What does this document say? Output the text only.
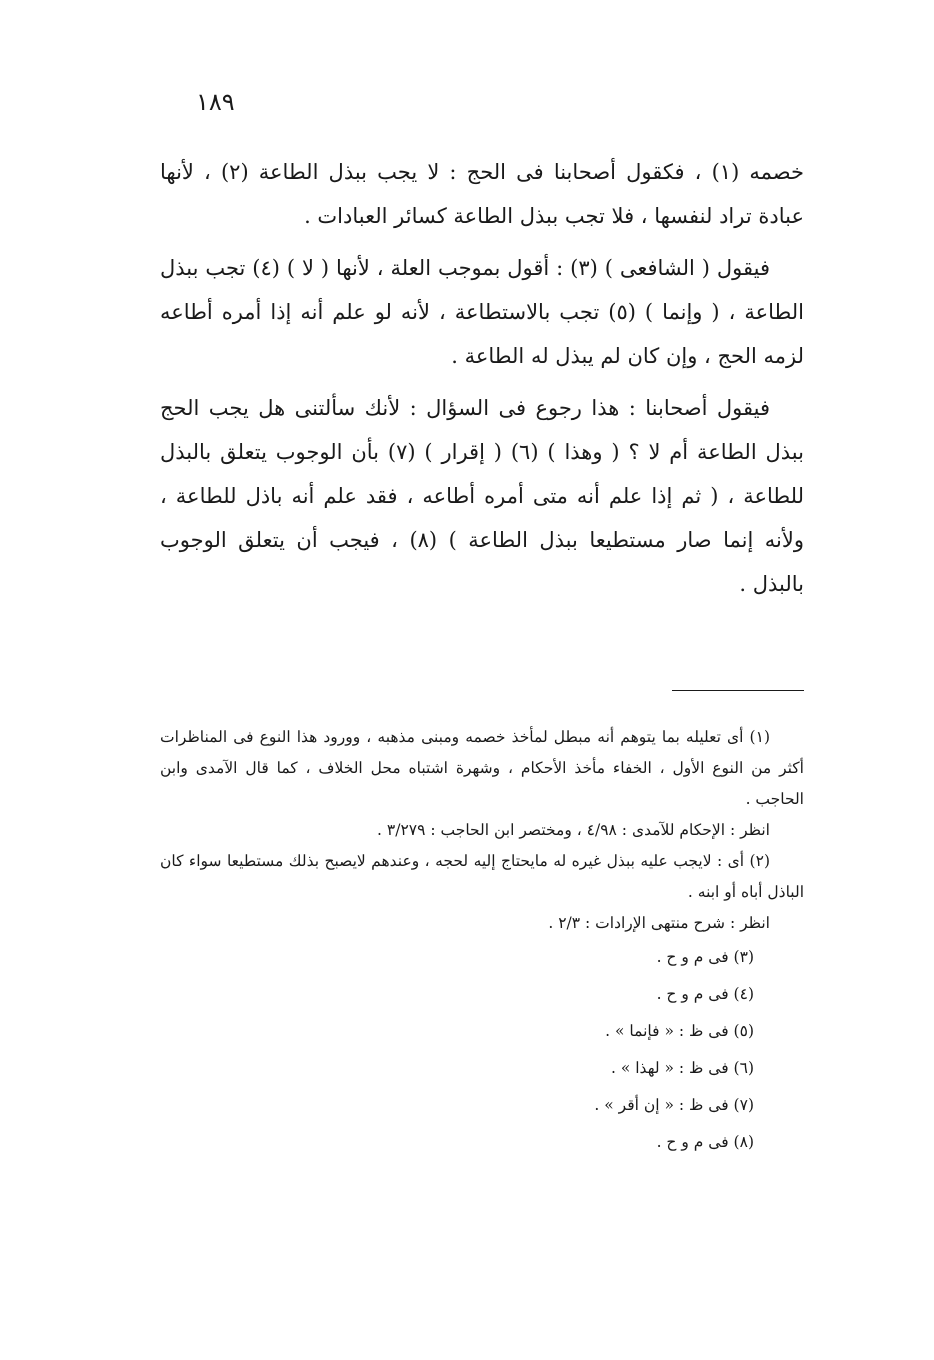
١٨٩

خصمه (١) ، فكقول أصحابنا فى الحج : لا يجب ببذل الطاعة (٢) ، لأنها عبادة تراد لنفسها ، فلا تجب ببذل الطاعة كسائر العبادات .

فيقول ( الشافعى ) (٣) : أقول بموجب العلة ، لأنها ( لا ) (٤) تجب ببذل الطاعة ، ( وإنما ) (٥) تجب بالاستطاعة ، لأنه لو علم أنه إذا أمره أطاعه لزمه الحج ، وإن كان لم يبذل له الطاعة .

فيقول أصحابنا : هذا رجوع فى السؤال : لأنك سألتنى هل يجب الحج ببذل الطاعة أم لا ؟ ( وهذا ) (٦) ( إقرار ) (٧) بأن الوجوب يتعلق بالبذل للطاعة ، ( ثم إذا علم أنه متى أمره أطاعه ، فقد علم أنه باذل للطاعة ، ولأنه إنما صار مستطيعا ببذل الطاعة ) (٨) ، فيجب أن يتعلق الوجوب بالبذل .

(١) أى تعليله بما يتوهم أنه مبطل لمأخذ خصمه ومبنى مذهبه ، وورود هذا النوع فى المناظرات أكثر من النوع الأول ، الخفاء مأخذ الأحكام ، وشهرة اشتباه محل الخلاف ، كما قال الآمدى وابن الحاجب .

انظر : الإحكام للآمدى : ٤/٩٨ ، ومختصر ابن الحاجب : ٣/٢٧٩ .

(٢) أى : لايجب عليه ببذل غيره له مايحتاج إليه لحجه ، وعندهم لايصبح بذلك مستطيعا سواء كان الباذل أباه أو ابنه .

انظر : شرح منتهى الإرادات : ٢/٣ .

(٣) فى م و ح .

(٤) فى م و ح .

(٥) فى ظ : « فإنما » .

(٦) فى ظ : « لهذا » .

(٧) فى ظ : « إن أقر » .

(٨) فى م و ح .
